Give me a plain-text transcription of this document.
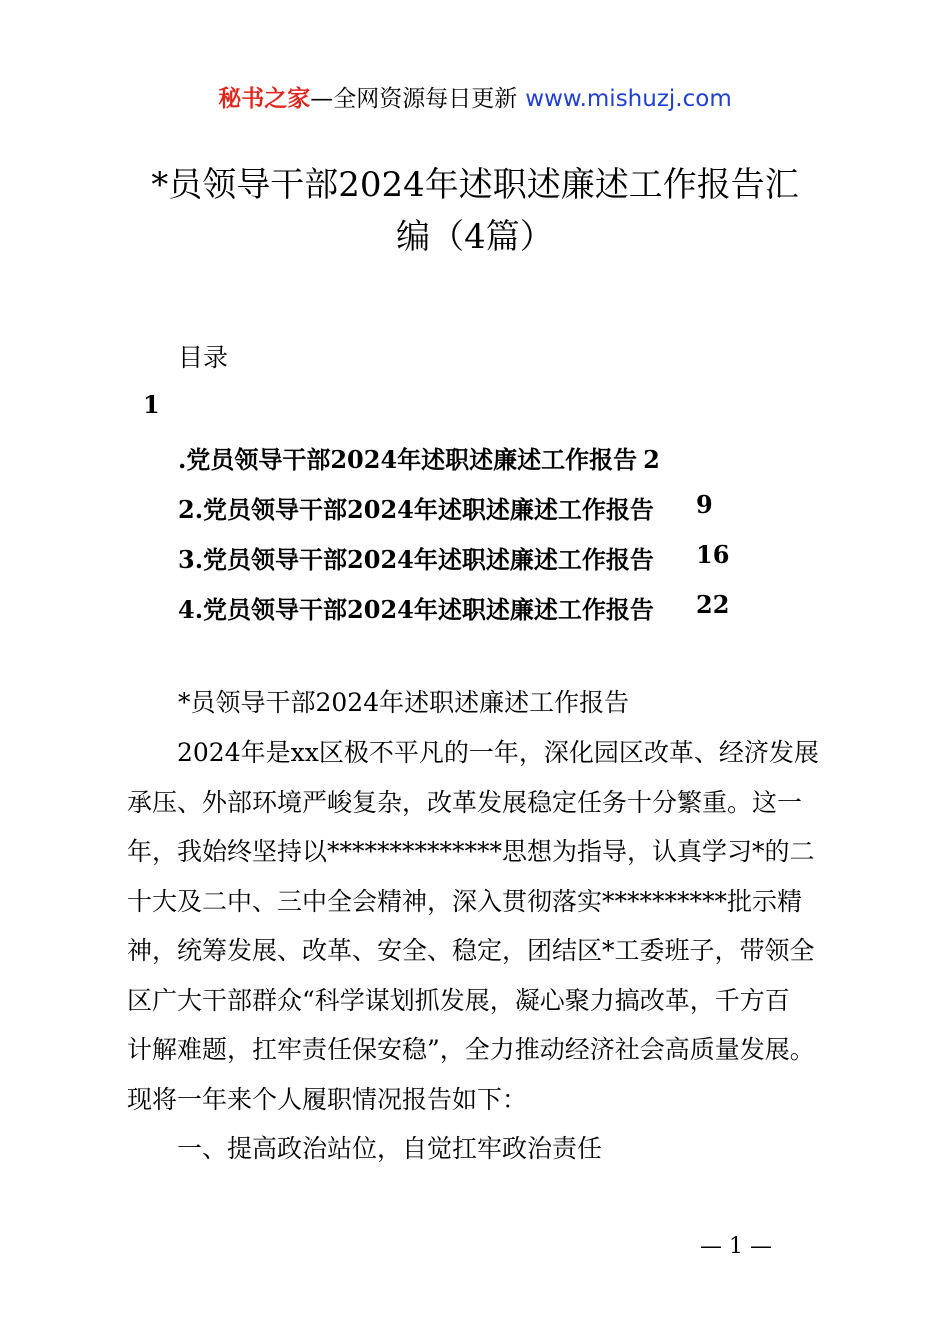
秘书之家—全网资源每日更新 www.mishuzj.com
*员领导干部2024年述职述廉述工作报告汇
编（4篇）
目录
1
.党员领导干部2024年述职述廉述工作报告 2
2.党员领导干部2024年述职述廉述工作报告 9
3.党员领导干部2024年述职述廉述工作报告 16
4.党员领导干部2024年述职述廉述工作报告 22
*员领导干部2024年述职述廉述工作报告
　　2024年是xx区极不平凡的一年，深化园区改革、经济发展
承压、外部环境严峻复杂，改革发展稳定任务十分繁重。这一
年，我始终坚持以**************思想为指导，认真学习*的二
十大及二中、三中全会精神，深入贯彻落实**********批示精
神，统筹发展、改革、安全、稳定，团结区*工委班子，带领全
区广大干部群众“科学谋划抓发展，凝心聚力搞改革，千方百
计解难题，扛牢责任保安稳”，全力推动经济社会高质量发展。
现将一年来个人履职情况报告如下：
　　一、提高政治站位，自觉扛牢政治责任
— 1 —
